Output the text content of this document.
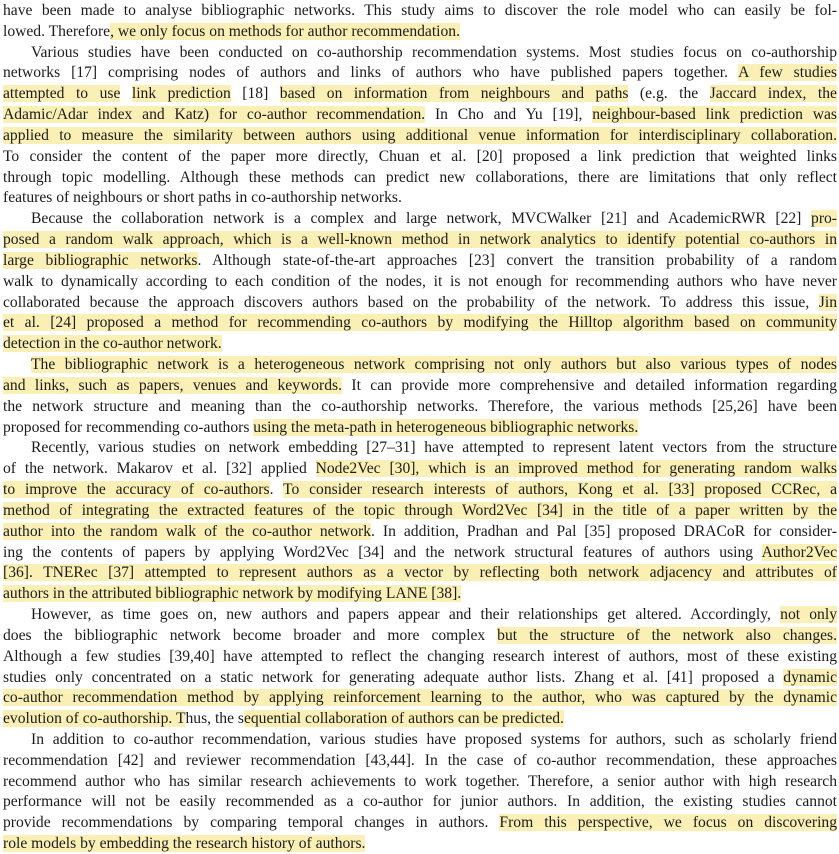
have been made to analyse bibliographic networks. This study aims to discover the role model who can easily be fol-
lowed. Therefore, we only focus on methods for author recommendation.
Various studies have been conducted on co-authorship recommendation systems. Most studies focus on co-authorship
networks [17] comprising nodes of authors and links of authors who have published papers together. A few studies
attempted to use link prediction [18] based on information from neighbours and paths (e.g. the Jaccard index, the
Adamic/Adar index and Katz) for co-author recommendation. In Cho and Yu [19], neighbour-based link prediction was
applied to measure the similarity between authors using additional venue information for interdisciplinary collaboration.
To consider the content of the paper more directly, Chuan et al. [20] proposed a link prediction that weighted links
through topic modelling. Although these methods can predict new collaborations, there are limitations that only reflect
features of neighbours or short paths in co-authorship networks.
Because the collaboration network is a complex and large network, MVCWalker [21] and AcademicRWR [22] pro-
posed a random walk approach, which is a well-known method in network analytics to identify potential co-authors in
large bibliographic networks. Although state-of-the-art approaches [23] convert the transition probability of a random
walk to dynamically according to each condition of the nodes, it is not enough for recommending authors who have never
collaborated because the approach discovers authors based on the probability of the network. To address this issue, Jin
et al. [24] proposed a method for recommending co-authors by modifying the Hilltop algorithm based on community
detection in the co-author network.
The bibliographic network is a heterogeneous network comprising not only authors but also various types of nodes
and links, such as papers, venues and keywords. It can provide more comprehensive and detailed information regarding
the network structure and meaning than the co-authorship networks. Therefore, the various methods [25,26] have been
proposed for recommending co-authors using the meta-path in heterogeneous bibliographic networks.
Recently, various studies on network embedding [27–31] have attempted to represent latent vectors from the structure
of the network. Makarov et al. [32] applied Node2Vec [30], which is an improved method for generating random walks
to improve the accuracy of co-authors. To consider research interests of authors, Kong et al. [33] proposed CCRec, a
method of integrating the extracted features of the topic through Word2Vec [34] in the title of a paper written by the
author into the random walk of the co-author network. In addition, Pradhan and Pal [35] proposed DRACoR for consider-
ing the contents of papers by applying Word2Vec [34] and the network structural features of authors using Author2Vec
[36]. TNERec [37] attempted to represent authors as a vector by reflecting both network adjacency and attributes of
authors in the attributed bibliographic network by modifying LANE [38].
However, as time goes on, new authors and papers appear and their relationships get altered. Accordingly, not only
does the bibliographic network become broader and more complex but the structure of the network also changes.
Although a few studies [39,40] have attempted to reflect the changing research interest of authors, most of these existing
studies only concentrated on a static network for generating adequate author lists. Zhang et al. [41] proposed a dynamic
co-author recommendation method by applying reinforcement learning to the author, who was captured by the dynamic
evolution of co-authorship. Thus, the sequential collaboration of authors can be predicted.
In addition to co-author recommendation, various studies have proposed systems for authors, such as scholarly friend
recommendation [42] and reviewer recommendation [43,44]. In the case of co-author recommendation, these approaches
recommend author who has similar research achievements to work together. Therefore, a senior author with high research
performance will not be easily recommended as a co-author for junior authors. In addition, the existing studies cannot
provide recommendations by comparing temporal changes in authors. From this perspective, we focus on discovering
role models by embedding the research history of authors.
